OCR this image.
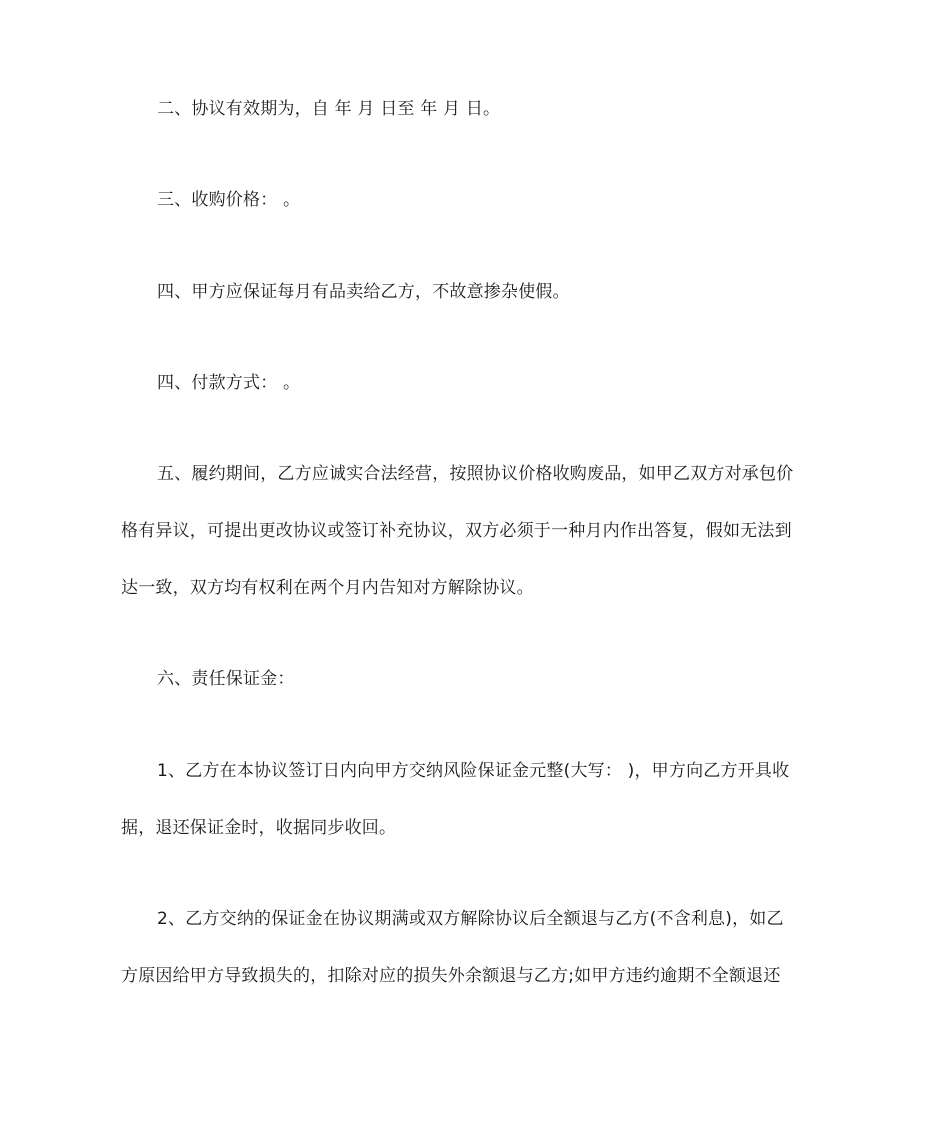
二、协议有效期为，自 年 月 日至 年 月 日。
三、收购价格： 。
四、甲方应保证每月有品卖给乙方，不故意掺杂使假。
四、付款方式： 。
五、履约期间，乙方应诚实合法经营，按照协议价格收购废品，如甲乙双方对承包价
格有异议，可提出更改协议或签订补充协议，双方必须于一种月内作出答复，假如无法到
达一致，双方均有权利在两个月内告知对方解除协议。
六、责任保证金：
1、乙方在本协议签订日内向甲方交纳风险保证金元整(大写： )，甲方向乙方开具收
据，退还保证金时，收据同步收回。
2、乙方交纳的保证金在协议期满或双方解除协议后全额退与乙方(不含利息)，如乙
方原因给甲方导致损失的，扣除对应的损失外余额退与乙方;如甲方违约逾期不全额退还
